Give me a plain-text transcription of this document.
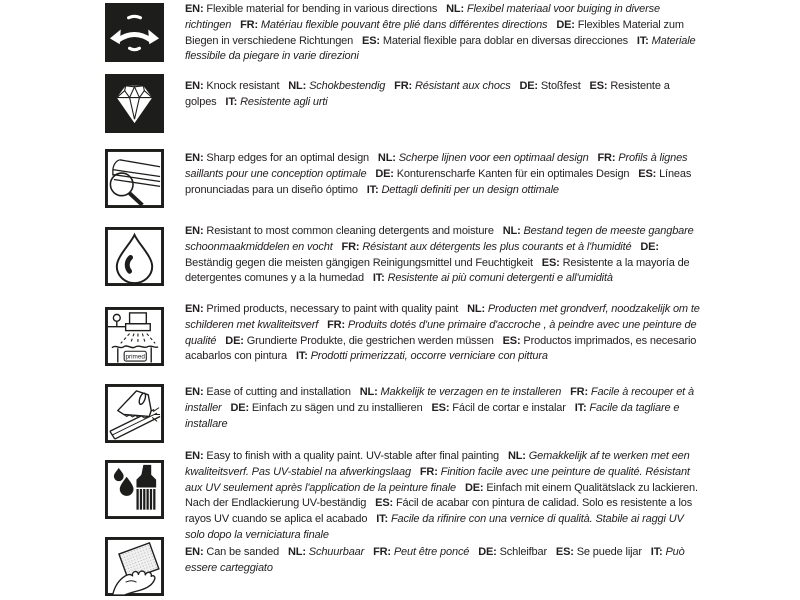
EN: Flexible material for bending in various directions NL: Flexibel materiaal voor buiging in diverse richtingen FR: Matériau flexible pouvant être plié dans différentes directions DE: Flexibles Material zum Biegen in verschiedene Richtungen ES: Material flexible para doblar en diversas direcciones IT: Materiale flessibile da piegare in varie direzioni

EN: Knock resistant NL: Schokbestendig FR: Résistant aux chocs DE: Stoßfest ES: Resistente a golpes IT: Resistente agli urti

EN: Sharp edges for an optimal design NL: Scherpe lijnen voor een optimaal design FR: Profils à lignes saillants pour une conception optimale DE: Konturenscharfe Kanten für ein optimales Design ES: Líneas pronunciadas para un diseño óptimo IT: Dettagli definiti per un design ottimale

EN: Resistant to most common cleaning detergents and moisture NL: Bestand tegen de meeste gangbare schoonmaakmiddelen en vocht FR: Résistant aux détergents les plus courants et à l'humidité DE: Beständig gegen die meisten gängigen Reinigungsmittel und Feuchtigkeit ES: Resistente a la mayoría de detergentes comunes y a la humedad IT: Resistente ai più comuni detergenti e all'umidità

primed

EN: Primed products, necessary to paint with quality paint NL: Producten met grondverf, noodzakelijk om te schilderen met kwaliteitsverf FR: Produits dotés d'une primaire d'accroche , à peindre avec une peinture de qualité DE: Grundierte Produkte, die gestrichen werden müssen ES: Productos imprimados, es necesario acabarlos con pintura IT: Prodotti primerizzati, occorre verniciare con pittura

EN: Ease of cutting and installation NL: Makkelijk te verzagen en te installeren FR: Facile à recouper et à installer DE: Einfach zu sägen und zu installieren ES: Fácil de cortar e instalar IT: Facile da tagliare e installare

EN: Easy to finish with a quality paint. UV-stable after final painting NL: Gemakkelijk af te werken met een kwaliteitsverf. Pas UV-stabiel na afwerkingslaag FR: Finition facile avec une peinture de qualité. Résistant aux UV seulement après l'application de la peinture finale DE: Einfach mit einem Qualitätslack zu lackieren. Nach der Endlackierung UV-beständig ES: Fácil de acabar con pintura de calidad. Solo es resistente a los rayos UV cuando se aplica el acabado IT: Facile da rifinire con una vernice di qualità. Stabile ai raggi UV solo dopo la verniciatura finale

EN: Can be sanded NL: Schuurbaar FR: Peut être poncé DE: Schleifbar ES: Se puede lijar IT: Può essere carteggiato
